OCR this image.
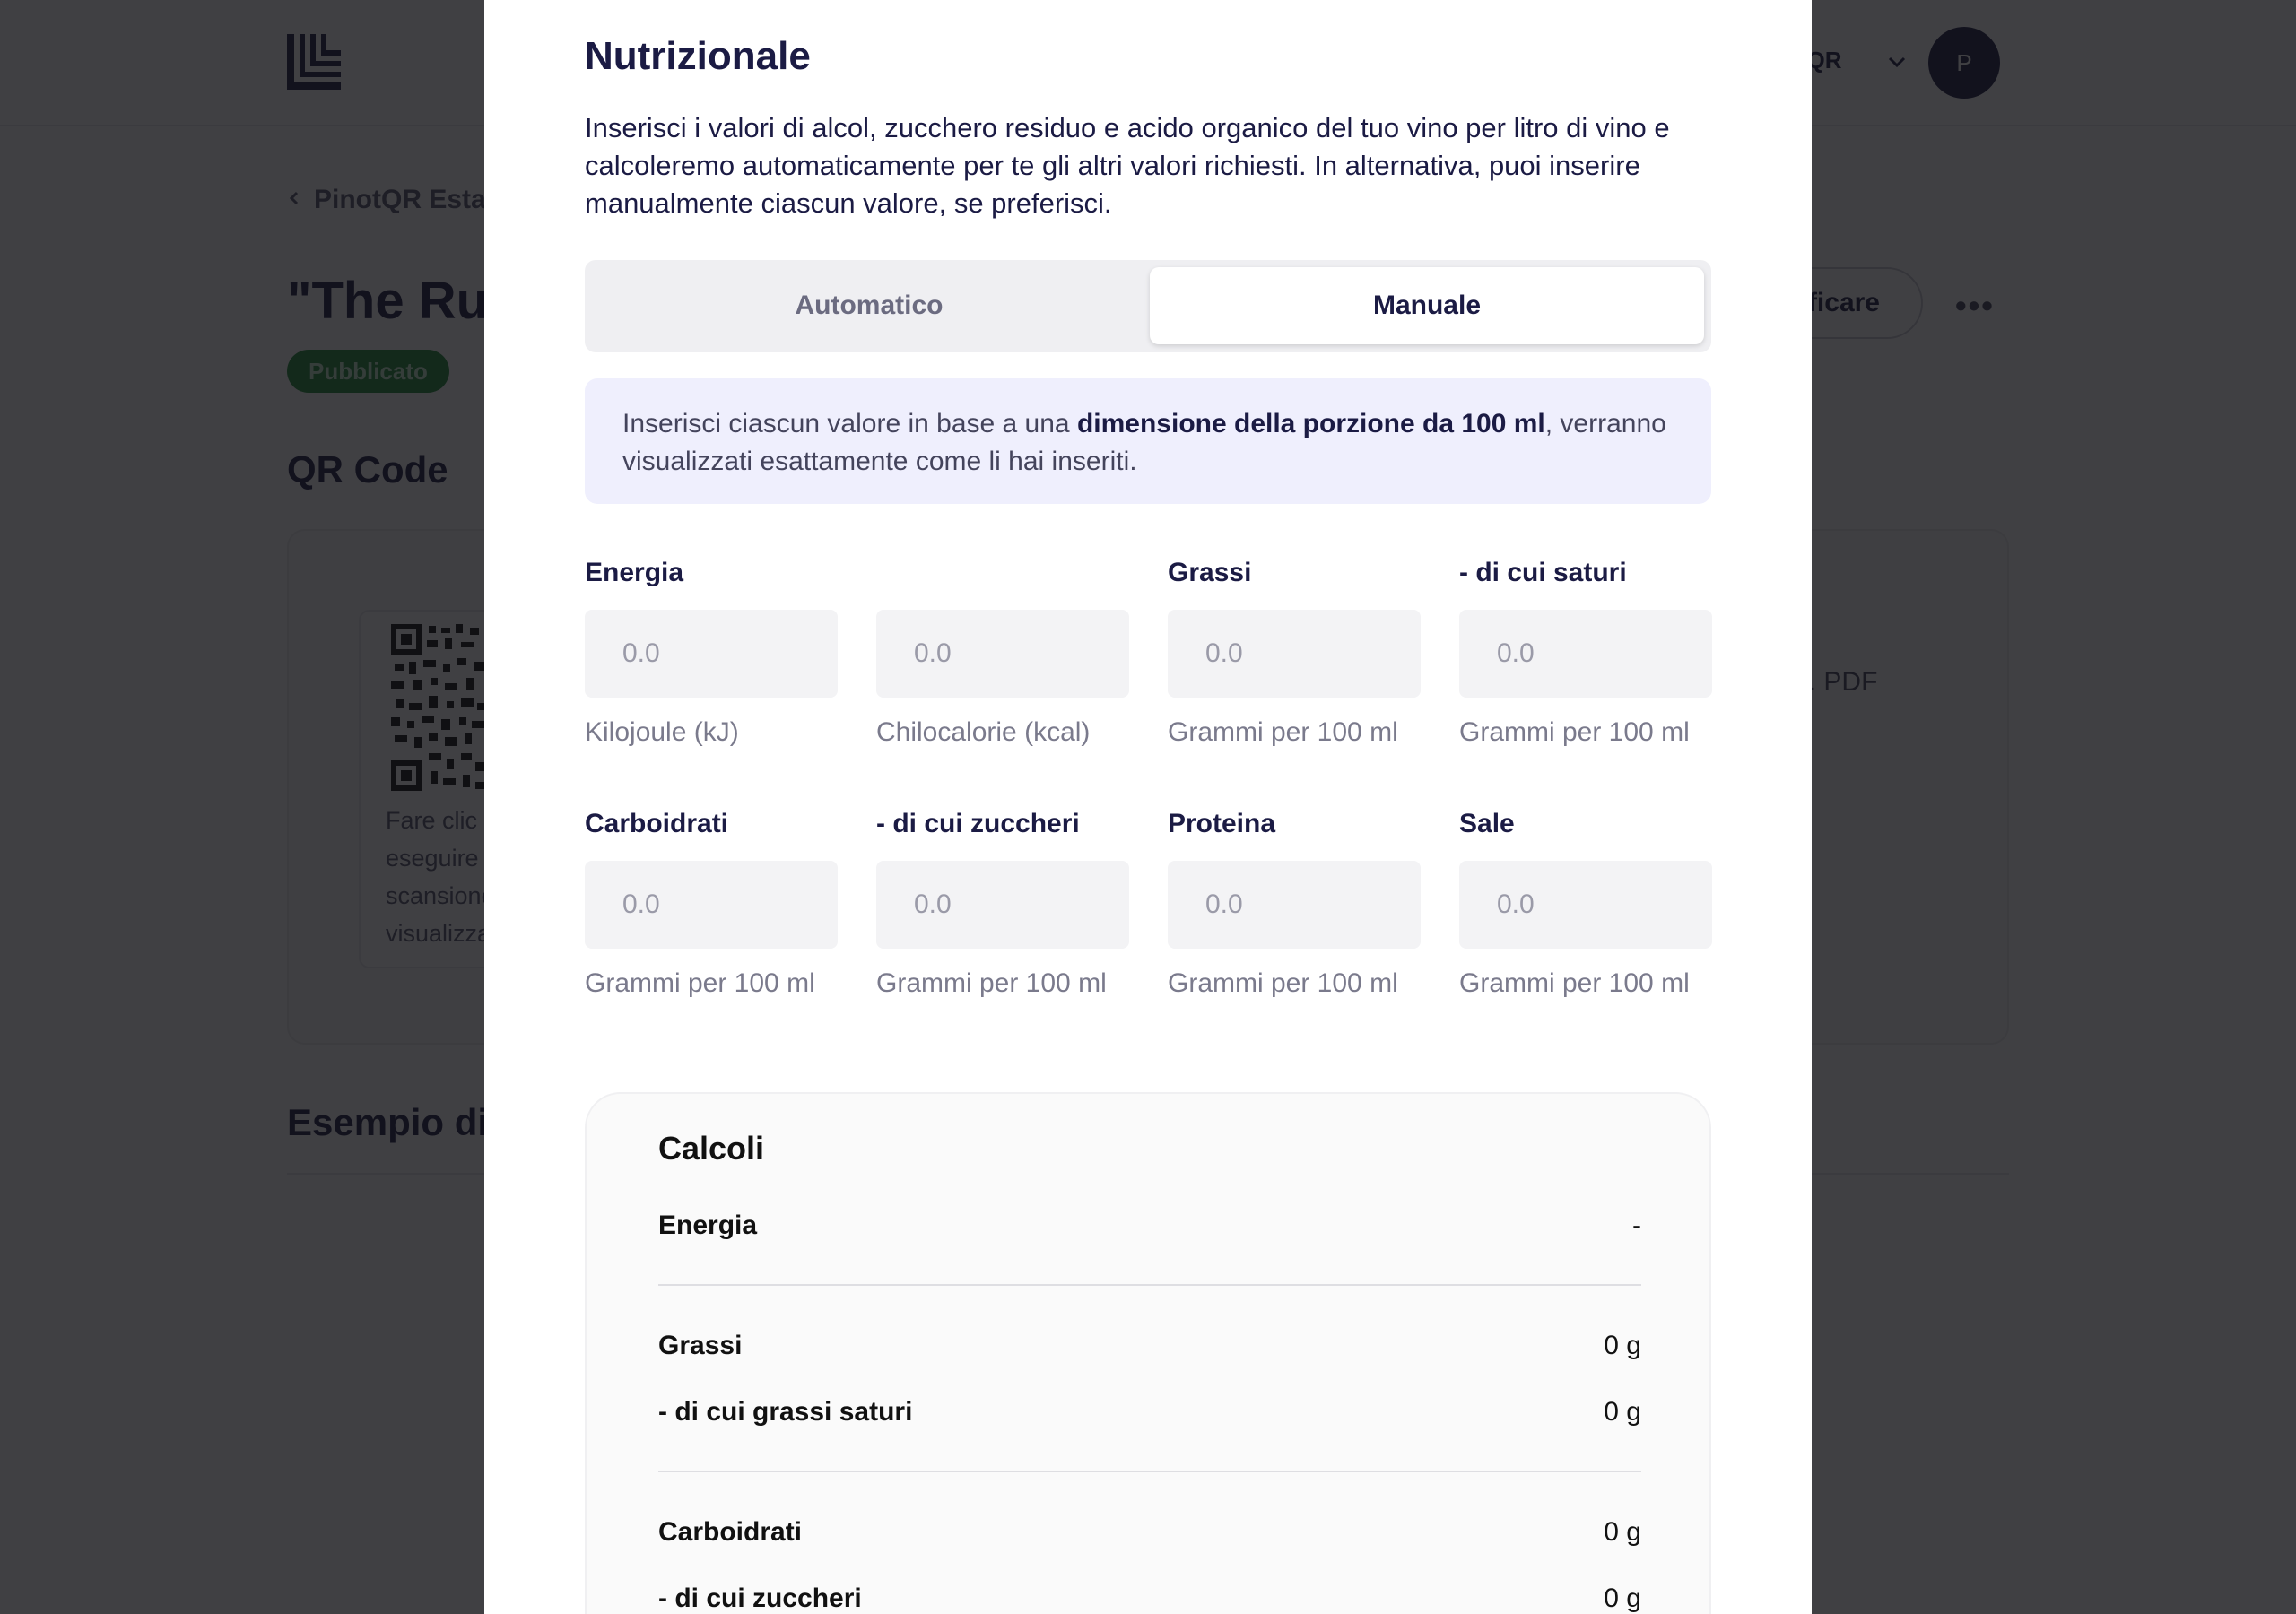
Nutrizionale

Inserisci i valori di alcol, zucchero residuo e acido organico del tuo vino per litro di vino e calcoleremo automaticamente per te gli altri valori richiesti. In alternativa, puoi inserire manualmente ciascun valore, se preferisci.

Automatico	Manuale
Inserisci ciascun valore in base a una dimensione della porzione da 100 ml, verranno visualizzati esattamente come li hai inseriti.
Energia
0.0
Kilojoule (kJ)
0.0	Chilocalorie (kcal)
Grassi
0.0
Grammi per 100 ml
- di cui saturi
0.0
Grammi per 100 ml
Carboidrati
0.0
Grammi per 100 ml
- di cui zuccheri
0.0
Grammi per 100 ml
Proteina
0.0
Grammi per 100 ml
Sale
0.0
Grammi per 100 ml
Calcoli
Energia	-
Grassi	0 g
- di cui grassi saturi	0 g
Carboidrati	0 g
- di cui zuccheri	0 g
